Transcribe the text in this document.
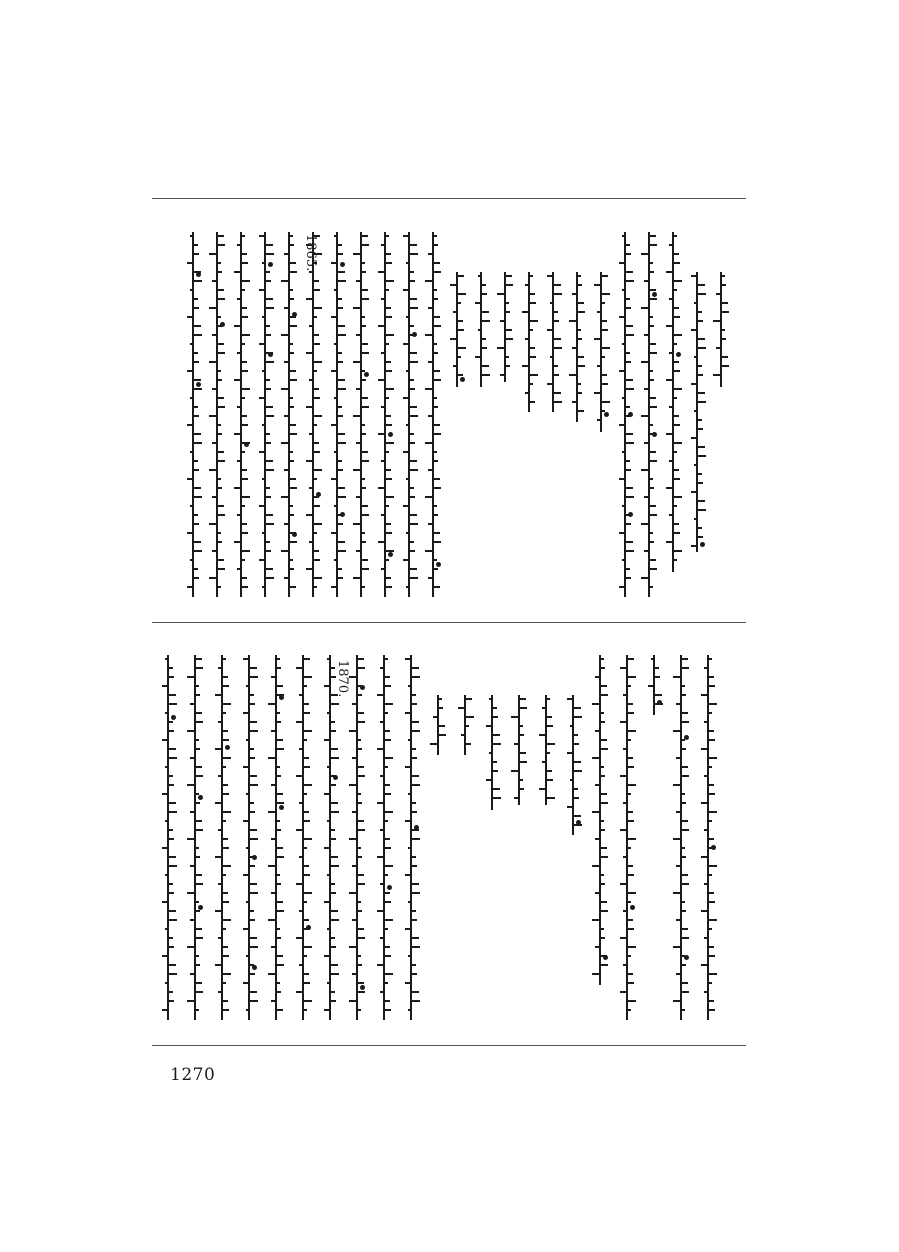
1865.
1870.
1270
